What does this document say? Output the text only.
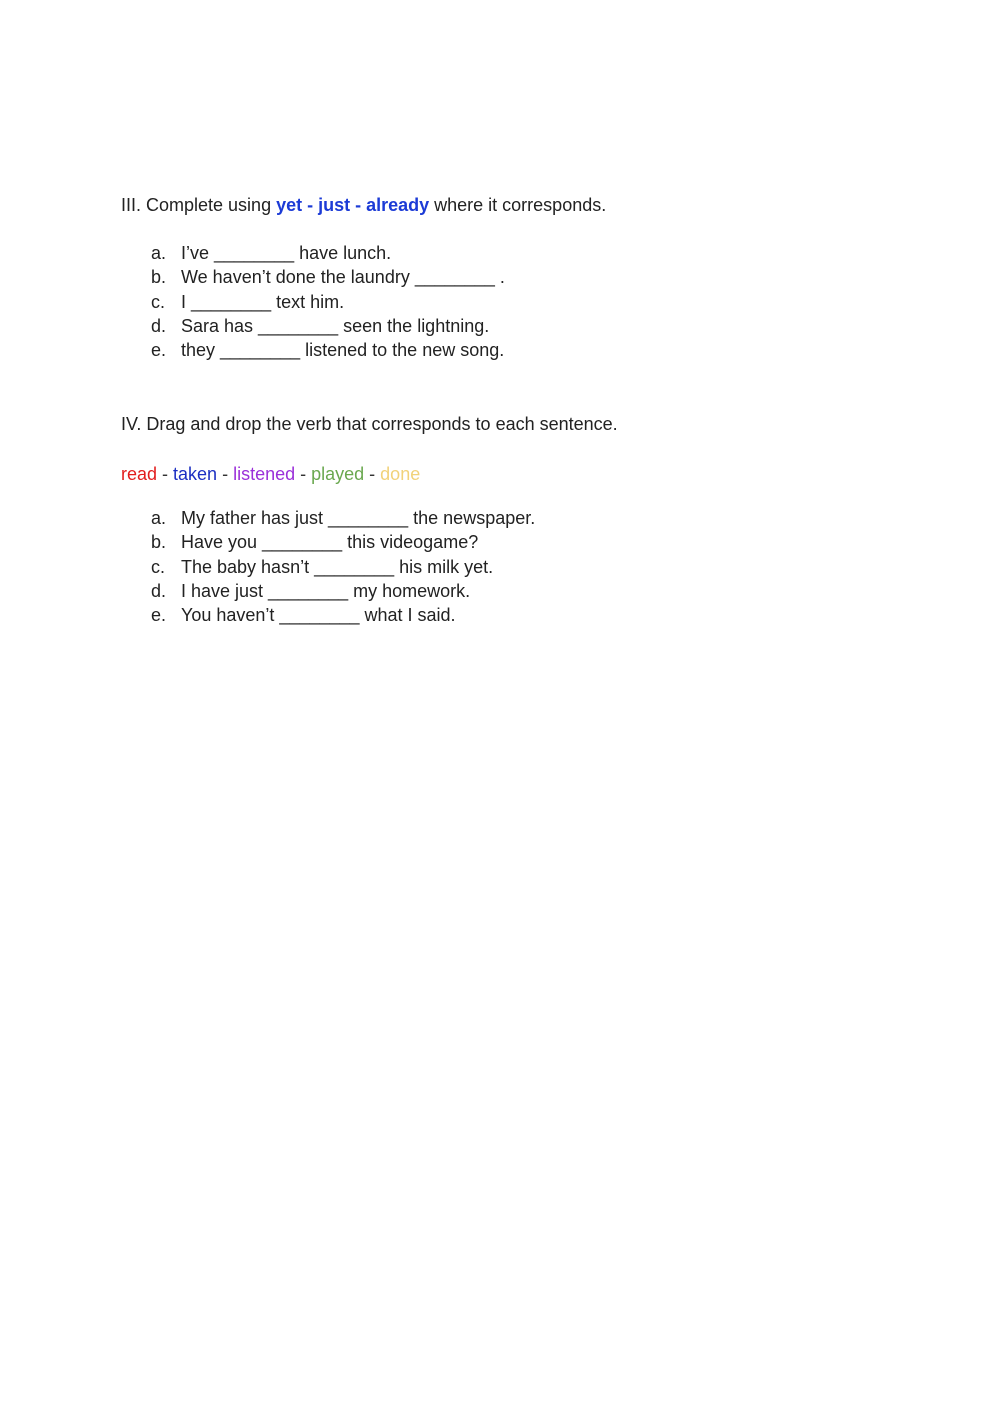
III. Complete using yet - just - already where it corresponds.

a. I’ve ________ have lunch.
b. We haven’t done the laundry ________ .
c. I ________ text him.
d. Sara has ________ seen the lightning.
e. they ________ listened to the new song.

IV. Drag and drop the verb that corresponds to each sentence.

read - taken - listened - played - done
a. My father has just ________ the newspaper.
b. Have you ________ this videogame?
c. The baby hasn’t ________ his milk yet.
d. I have just ________ my homework.
e. You haven’t ________ what I said.
